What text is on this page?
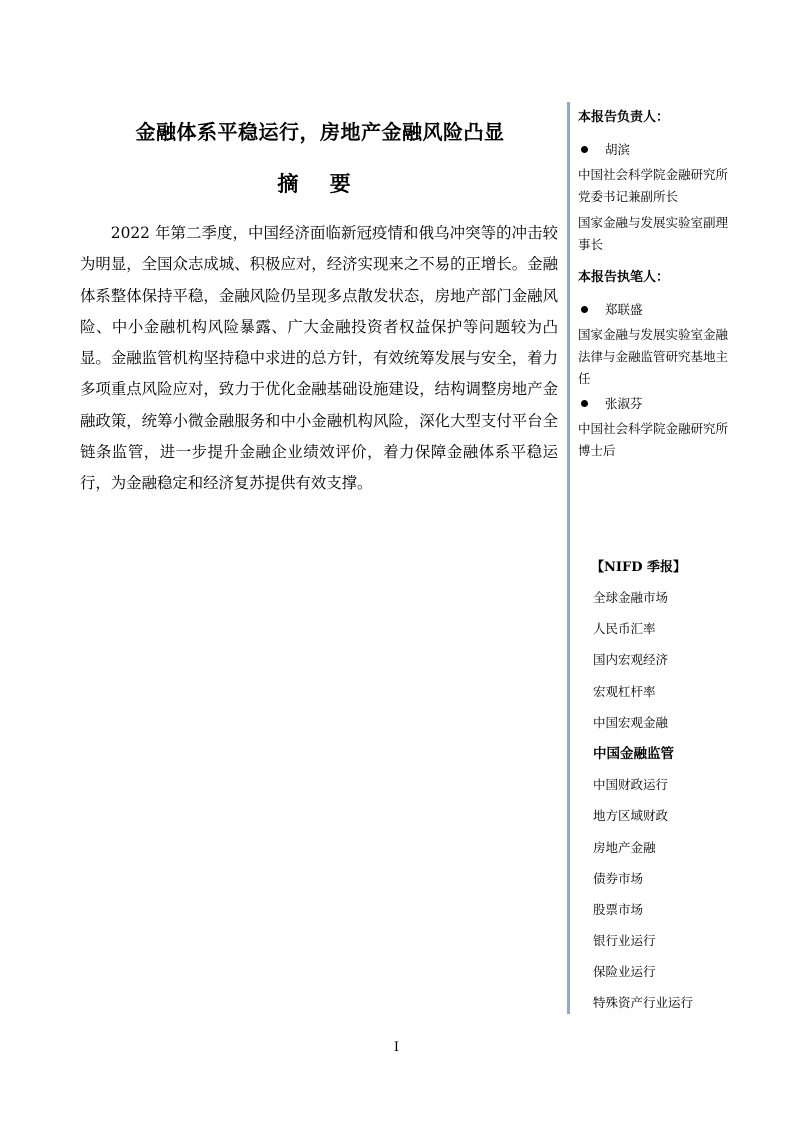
金融体系平稳运行，房地产金融风险凸显
摘 要

2022 年第二季度，中国经济面临新冠疫情和俄乌冲突等的冲击较为明显，全国众志成城、积极应对，经济实现来之不易的正增长。金融体系整体保持平稳，金融风险仍呈现多点散发状态，房地产部门金融风险、中小金融机构风险暴露、广大金融投资者权益保护等问题较为凸显。金融监管机构坚持稳中求进的总方针，有效统筹发展与安全，着力多项重点风险应对，致力于优化金融基础设施建设，结构调整房地产金融政策，统筹小微金融服务和中小金融机构风险，深化大型支付平台全链条监管，进一步提升金融企业绩效评价，着力保障金融体系平稳运行，为金融稳定和经济复苏提供有效支撑。

本报告负责人：

胡滨

中国社会科学院金融研究所党委书记兼副所长

国家金融与发展实验室副理事长

本报告执笔人：

郑联盛

国家金融与发展实验室金融法律与金融监管研究基地主任

张淑芬

中国社会科学院金融研究所博士后

【NIFD 季报】

全球金融市场
人民币汇率
国内宏观经济
宏观杠杆率
中国宏观金融
中国金融监管
中国财政运行
地方区域财政
房地产金融
债券市场
股票市场
银行业运行
保险业运行
特殊资产行业运行

I
